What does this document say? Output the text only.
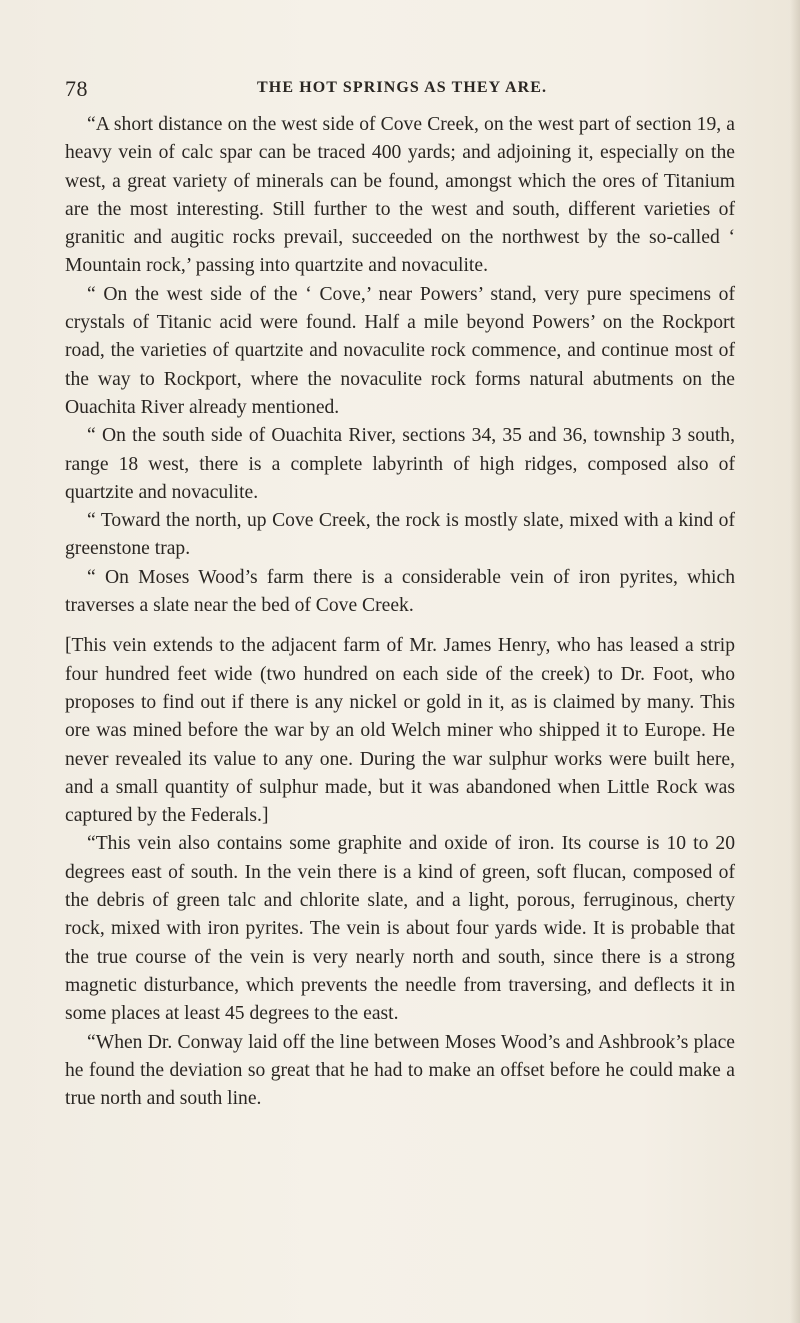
78	THE HOT SPRINGS AS THEY ARE.

“A short distance on the west side of Cove Creek, on the west part of section 19, a heavy vein of calc spar can be traced 400 yards; and adjoining it, especially on the west, a great variety of minerals can be found, amongst which the ores of Titanium are the most interesting. Still further to the west and south, different varieties of granitic and augitic rocks prevail, succeeded on the northwest by the so-called ‘ Mountain rock,’ passing into quartzite and novaculite.

“ On the west side of the ‘ Cove,’ near Powers’ stand, very pure specimens of crystals of Titanic acid were found. Half a mile beyond Powers’ on the Rockport road, the varieties of quartzite and novaculite rock commence, and continue most of the way to Rockport, where the novaculite rock forms natural abutments on the Ouachita River already mentioned.

“ On the south side of Ouachita River, sections 34, 35 and 36, township 3 south, range 18 west, there is a complete labyrinth of high ridges, composed also of quartzite and novaculite.

“ Toward the north, up Cove Creek, the rock is mostly slate, mixed with a kind of greenstone trap.

“ On Moses Wood’s farm there is a considerable vein of iron pyrites, which traverses a slate near the bed of Cove Creek.

[This vein extends to the adjacent farm of Mr. James Henry, who has leased a strip four hundred feet wide (two hundred on each side of the creek) to Dr. Foot, who proposes to find out if there is any nickel or gold in it, as is claimed by many. This ore was mined before the war by an old Welch miner who shipped it to Europe. He never revealed its value to any one. During the war sulphur works were built here, and a small quantity of sulphur made, but it was abandoned when Little Rock was captured by the Federals.]

“This vein also contains some graphite and oxide of iron. Its course is 10 to 20 degrees east of south. In the vein there is a kind of green, soft flucan, composed of the debris of green talc and chlorite slate, and a light, porous, ferruginous, cherty rock, mixed with iron pyrites. The vein is about four yards wide. It is probable that the true course of the vein is very nearly north and south, since there is a strong magnetic disturbance, which prevents the needle from traversing, and deflects it in some places at least 45 degrees to the east.

“When Dr. Conway laid off the line between Moses Wood’s and Ashbrook’s place he found the deviation so great that he had to make an offset before he could make a true north and south line.
